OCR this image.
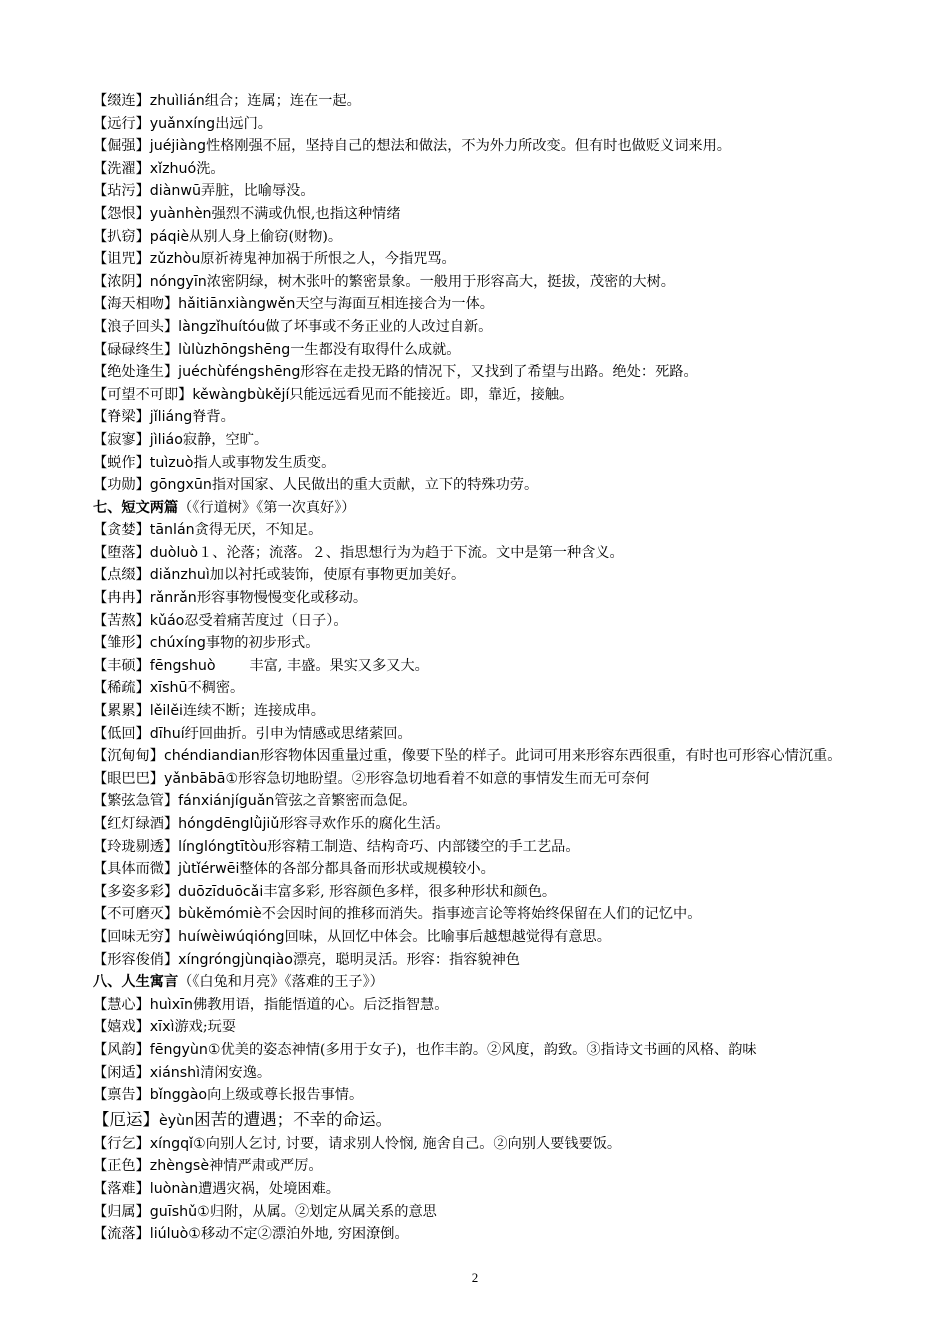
【缀连】zhuìlián组合；连属；连在一起。
【远行】yuǎnxíng出远门。
【倔强】juéjiàng性格刚强不屈，坚持自己的想法和做法，不为外力所改变。但有时也做贬义词来用。
【洗濯】xǐzhuó洗。
【玷污】diànwū弄脏，比喻辱没。
【怨恨】yuànhèn强烈不满或仇恨,也指这种情绪
【扒窃】páqiè从别人身上偷窃(财物)。
【诅咒】zǔzhòu原祈祷鬼神加祸于所恨之人，今指咒骂。
【浓阴】nóngyīn浓密阴绿，树木张叶的繁密景象。一般用于形容高大，挺拔，茂密的大树。
【海天相吻】hǎitiānxiàngwěn天空与海面互相连接合为一体。
【浪子回头】làngzǐhuítóu做了坏事或不务正业的人改过自新。
【碌碌终生】lùlùzhōngshēng一生都没有取得什么成就。
【绝处逢生】juéchùféngshēng形容在走投无路的情况下，又找到了希望与出路。绝处：死路。
【可望不可即】kěwàngbùkějí只能远远看见而不能接近。即，靠近，接触。
【脊梁】jǐliáng脊背。
【寂寥】jìliáo寂静，空旷。
【蜕作】tuìzuò指人或事物发生质变。
【功勋】gōngxūn指对国家、人民做出的重大贡献，立下的特殊功劳。
七、短文两篇（《行道树》《第一次真好》）
【贪婪】tānlán贪得无厌，不知足。
【堕落】duòluò１、沦落；流落。２、指思想行为为趋于下流。文中是第一种含义。
【点缀】diǎnzhuì加以衬托或装饰，使原有事物更加美好。
【冉冉】rǎnrǎn形容事物慢慢变化或移动。
【苦熬】kǔáo忍受着痛苦度过（日子）。
【雏形】chúxíng事物的初步形式。
【丰硕】fēngshuò 丰富, 丰盛。果实又多又大。
【稀疏】xīshū不稠密。
【累累】lěilěi连续不断；连接成串。
【低回】dīhuí纡回曲折。引申为情感或思绪萦回。
【沉甸甸】chéndiandian形容物体因重量过重，像要下坠的样子。此词可用来形容东西很重，有时也可形容心情沉重。
【眼巴巴】yǎnbābā①形容急切地盼望。②形容急切地看着不如意的事情发生而无可奈何
【繁弦急管】fánxiánjíguǎn管弦之音繁密而急促。
【红灯绿酒】hóngdēnglǜjiǔ形容寻欢作乐的腐化生活。
【玲珑剔透】línglóngtītòu形容精工制造、结构奇巧、内部镂空的手工艺品。
【具体而微】jùtǐérwēi整体的各部分都具备而形状或规模较小。
【多姿多彩】duōzīduōcǎi丰富多彩, 形容颜色多样，很多种形状和颜色。
【不可磨灭】bùkěmómiè不会因时间的推移而消失。指事迹言论等将始终保留在人们的记忆中。
【回味无穷】huíwèiwúqióng回味，从回忆中体会。比喻事后越想越觉得有意思。
【形容俊俏】xíngróngjùnqiào漂亮，聪明灵活。形容：指容貌神色
八、人生寓言（《白兔和月亮》《落难的王子》）
【慧心】huìxīn佛教用语，指能悟道的心。后泛指智慧。
【嬉戏】xīxì游戏;玩耍
【风韵】fēngyùn①优美的姿态神情(多用于女子)，也作丰韵。②风度，韵致。③指诗文书画的风格、韵味
【闲适】xiánshì清闲安逸。
【禀告】bǐnggào向上级或尊长报告事情。
【厄运】èyùn困苦的遭遇；不幸的命运。
【行乞】xíngqǐ①向别人乞讨, 讨要，请求别人怜悯, 施舍自己。②向别人要钱要饭。
【正色】zhèngsè神情严肃或严厉。
【落难】luònàn遭遇灾祸，处境困难。
【归属】guīshǔ①归附，从属。②划定从属关系的意思
【流落】liúluò①移动不定②漂泊外地, 穷困潦倒。
2
